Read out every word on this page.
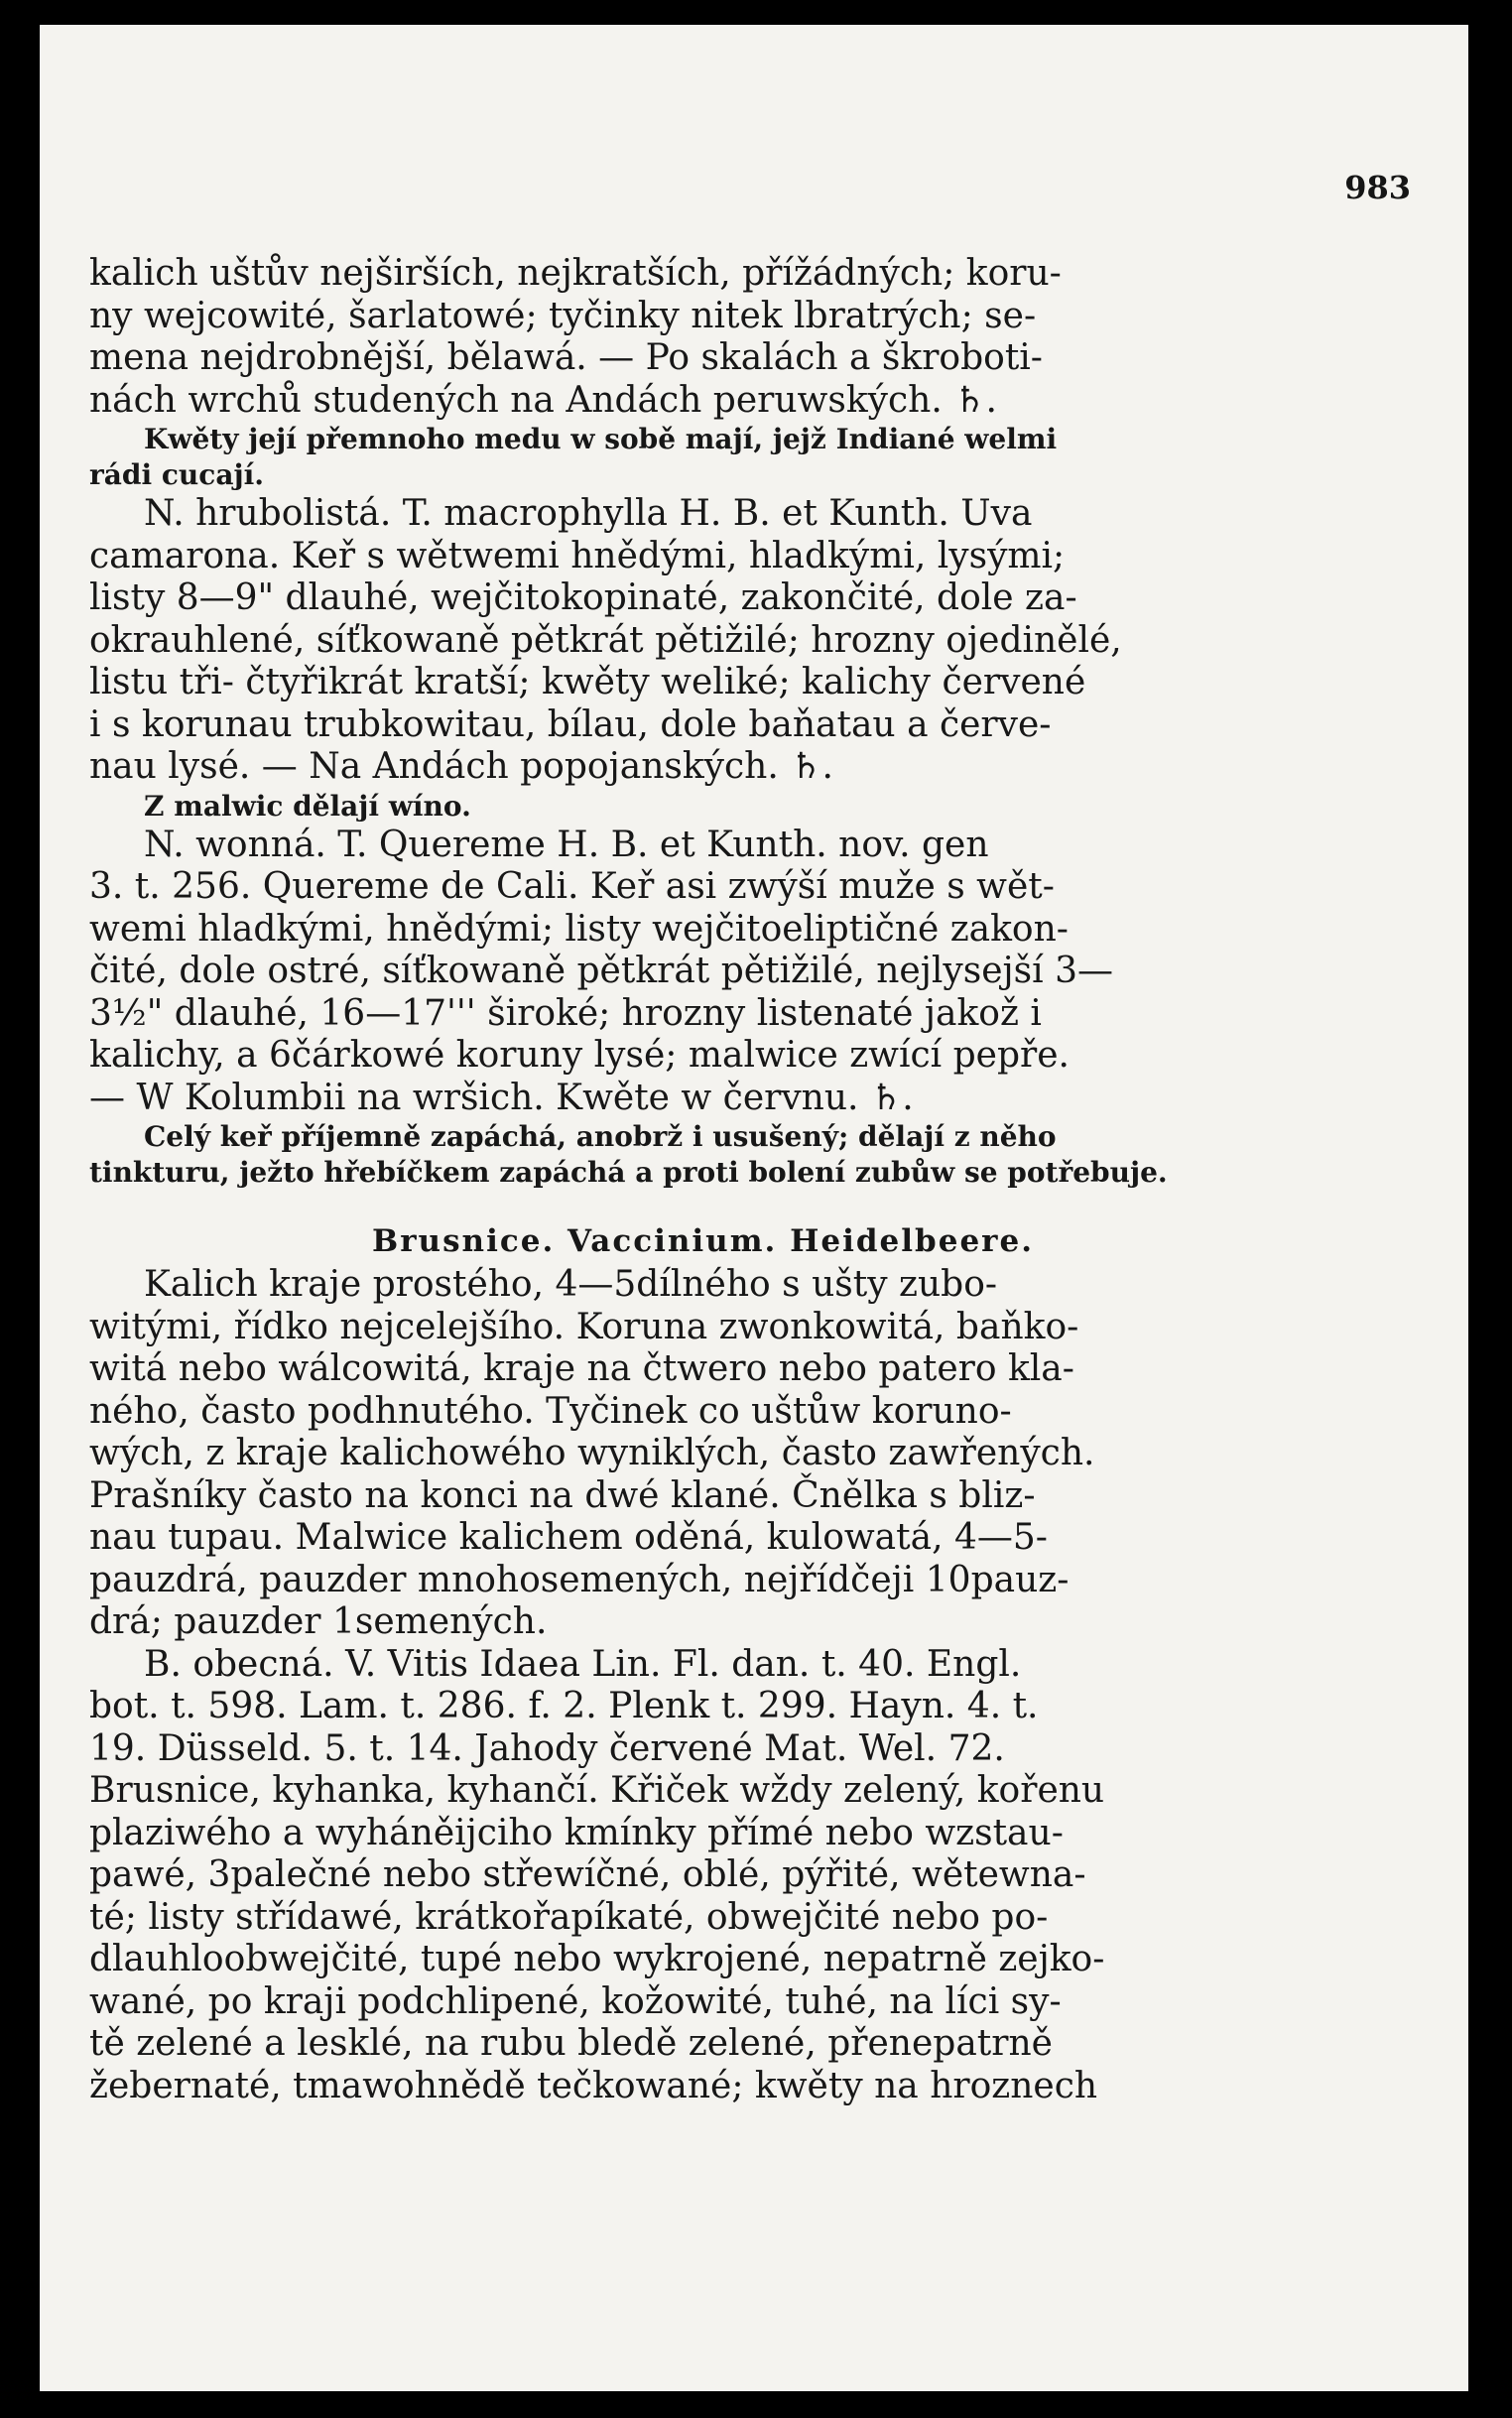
983
kalich uštův nejširších, nejkratších, přížádných; koru-
ny wejcowité, šarlatowé; tyčinky nitek lbratrých; se-
mena nejdrobnější, bělawá. — Po skalách a škroboti-
nách wrchů studených na Andách peruwských. ♄.
Kwěty její přemnoho medu w sobě mají, jejž Indiané welmi
rádi cucají.
N. hrubolistá. T. macrophylla H. B. et Kunth. Uva
camarona. Keř s wětwemi hnědými, hladkými, lysými;
listy 8—9" dlauhé, wejčitokopinaté, zakončité, dole za-
okrauhlené, síťkowaně pětkrát pětižilé; hrozny ojedinělé,
listu tři- čtyřikrát kratší; kwěty weliké; kalichy červené
i s korunau trubkowitau, bílau, dole baňatau a červe-
nau lysé. — Na Andách popojanských. ♄.
Z malwic dělají wíno.
N. wonná. T. Quereme H. B. et Kunth. nov. gen
3. t. 256. Quereme de Cali. Keř asi zwýší muže s wět-
wemi hladkými, hnědými; listy wejčitoeliptičné zakon-
čité, dole ostré, síťkowaně pětkrát pětižilé, nejlysejší 3—
3½" dlauhé, 16—17''' široké; hrozny listenaté jakož i
kalichy, a 6čárkowé koruny lysé; malwice zwící pepře.
— W Kolumbii na wršich. Kwěte w červnu. ♄.
Celý keř příjemně zapáchá, anobrž i usušený; dělají z něho
tinkturu, ježto hřebíčkem zapáchá a proti bolení zubůw se potřebuje.
Brusnice. Vaccinium. Heidelbeere.
Kalich kraje prostého, 4—5dílného s ušty zubo-
witými, řídko nejcelejšího. Koruna zwonkowitá, baňko-
witá nebo wálcowitá, kraje na čtwero nebo patero kla-
ného, často podhnutého. Tyčinek co uštůw koruno-
wých, z kraje kalichowého wyniklých, často zawřených.
Prašníky často na konci na dwé klané. Čnělka s bliz-
nau tupau. Malwice kalichem oděná, kulowatá, 4—5-
pauzdrá, pauzder mnohosemených, nejřídčeji 10pauz-
drá; pauzder 1semených.
B. obecná. V. Vitis Idaea Lin. Fl. dan. t. 40. Engl.
bot. t. 598. Lam. t. 286. f. 2. Plenk t. 299. Hayn. 4. t.
19. Düsseld. 5. t. 14. Jahody červené Mat. Wel. 72.
Brusnice, kyhanka, kyhančí. Křiček wždy zelený, kořenu
plaziwého a wyháněijciho kmínky přímé nebo wzstau-
pawé, 3palečné nebo střewíčné, oblé, pýřité, wětewna-
té; listy střídawé, krátkořapíkaté, obwejčité nebo po-
dlauhloobwejčité, tupé nebo wykrojené, nepatrně zejko-
wané, po kraji podchlipené, kožowité, tuhé, na líci sy-
tě zelené a lesklé, na rubu bledě zelené, přenepatrně
žebernaté, tmawohnědě tečkowané; kwěty na hroznech
